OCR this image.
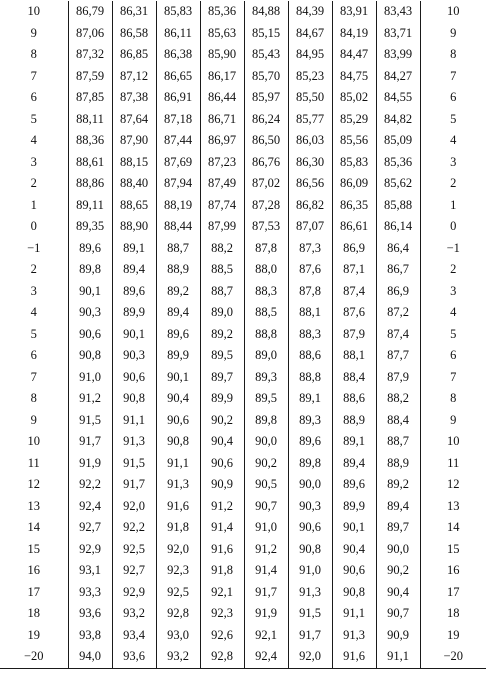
10	86,79	86,31	85,83	85,36	84,88	84,39	83,91	83,43	10
9	87,06	86,58	86,11	85,63	85,15	84,67	84,19	83,71	9
8	87,32	86,85	86,38	85,90	85,43	84,95	84,47	83,99	8
7	87,59	87,12	86,65	86,17	85,70	85,23	84,75	84,27	7
6	87,85	87,38	86,91	86,44	85,97	85,50	85,02	84,55	6
5	88,11	87,64	87,18	86,71	86,24	85,77	85,29	84,82	5
4	88,36	87,90	87,44	86,97	86,50	86,03	85,56	85,09	4
3	88,61	88,15	87,69	87,23	86,76	86,30	85,83	85,36	3
2	88,86	88,40	87,94	87,49	87,02	86,56	86,09	85,62	2
1	89,11	88,65	88,19	87,74	87,28	86,82	86,35	85,88	1
0	89,35	88,90	88,44	87,99	87,53	87,07	86,61	86,14	0
−1	89,6	89,1	88,7	88,2	87,8	87,3	86,9	86,4	−1
2	89,8	89,4	88,9	88,5	88,0	87,6	87,1	86,7	2
3	90,1	89,6	89,2	88,7	88,3	87,8	87,4	86,9	3
4	90,3	89,9	89,4	89,0	88,5	88,1	87,6	87,2	4
5	90,6	90,1	89,6	89,2	88,8	88,3	87,9	87,4	5
6	90,8	90,3	89,9	89,5	89,0	88,6	88,1	87,7	6
7	91,0	90,6	90,1	89,7	89,3	88,8	88,4	87,9	7
8	91,2	90,8	90,4	89,9	89,5	89,1	88,6	88,2	8
9	91,5	91,1	90,6	90,2	89,8	89,3	88,9	88,4	9
10	91,7	91,3	90,8	90,4	90,0	89,6	89,1	88,7	10
11	91,9	91,5	91,1	90,6	90,2	89,8	89,4	88,9	11
12	92,2	91,7	91,3	90,9	90,5	90,0	89,6	89,2	12
13	92,4	92,0	91,6	91,2	90,7	90,3	89,9	89,4	13
14	92,7	92,2	91,8	91,4	91,0	90,6	90,1	89,7	14
15	92,9	92,5	92,0	91,6	91,2	90,8	90,4	90,0	15
16	93,1	92,7	92,3	91,8	91,4	91,0	90,6	90,2	16
17	93,3	92,9	92,5	92,1	91,7	91,3	90,8	90,4	17
18	93,6	93,2	92,8	92,3	91,9	91,5	91,1	90,7	18
19	93,8	93,4	93,0	92,6	92,1	91,7	91,3	90,9	19
−20	94,0	93,6	93,2	92,8	92,4	92,0	91,6	91,1	−20
